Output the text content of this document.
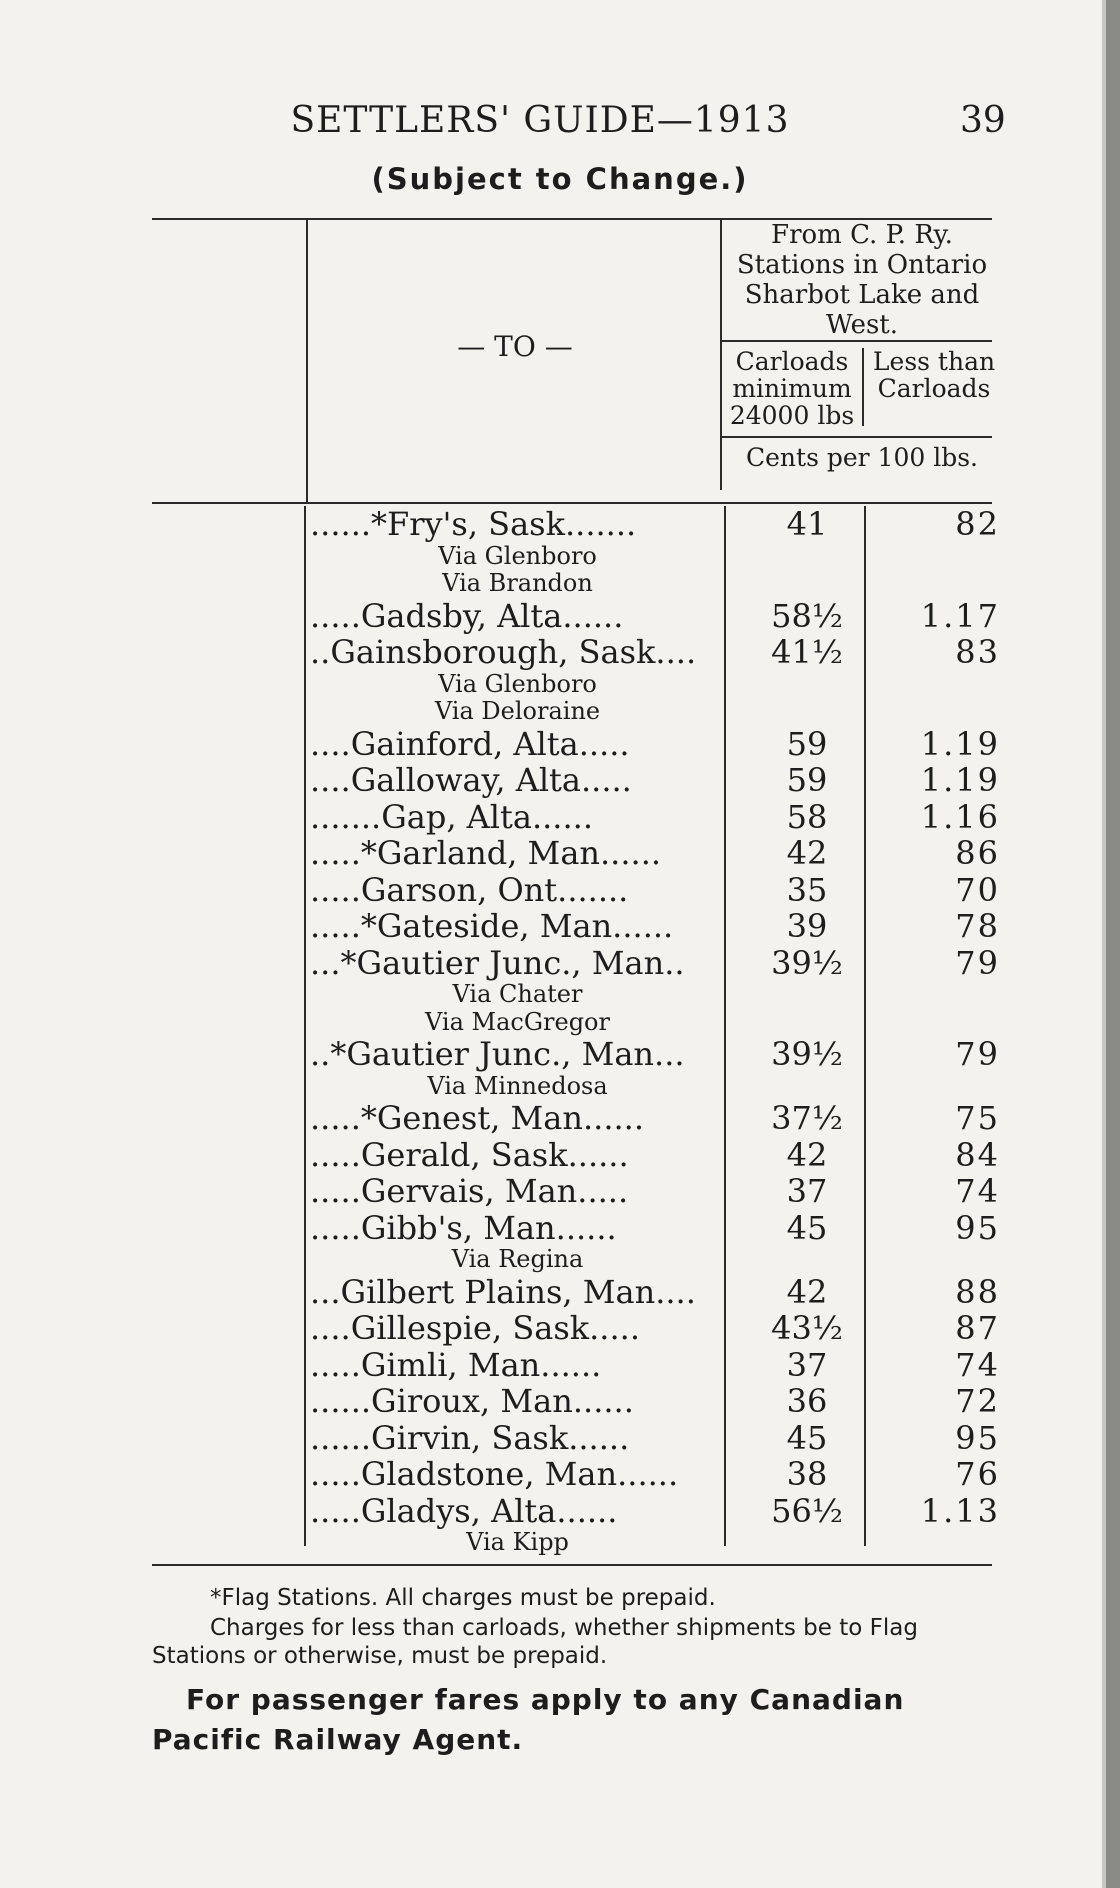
SETTLERS' GUIDE—1913	39
(Subject to Change.)
— TO —
From C. P. Ry. Stations in Ontario Sharbot Lake and West.
Carloads minimum 24000 lbs
Less than Carloads
Cents per 100 lbs.
......*Fry's, Sask.......	41	82
Via Glenboro
Via Brandon
.....Gadsby, Alta......	58½	1.17
..Gainsborough, Sask....	41½	83
Via Glenboro
Via Deloraine
....Gainford, Alta.....	59	1.19
....Galloway, Alta.....	59	1.19
.......Gap, Alta......	58	1.16
.....*Garland, Man......	42	86
.....Garson, Ont.......	35	70
.....*Gateside, Man......	39	78
...*Gautier Junc., Man..	39½	79
Via Chater
Via MacGregor
..*Gautier Junc., Man...	39½	79
Via Minnedosa
.....*Genest, Man......	37½	75
.....Gerald, Sask......	42	84
.....Gervais, Man.....	37	74
.....Gibb's, Man......	45	95
Via Regina
...Gilbert Plains, Man....	42	88
....Gillespie, Sask.....	43½	87
.....Gimli, Man......	37	74
......Giroux, Man......	36	72
......Girvin, Sask......	45	95
.....Gladstone, Man......	38	76
.....Gladys, Alta......	56½	1.13
Via Kipp
*Flag Stations. All charges must be prepaid.
Charges for less than carloads, whether shipments be to Flag Stations or otherwise, must be prepaid.
For passenger fares apply to any Canadian Pacific Railway Agent.
